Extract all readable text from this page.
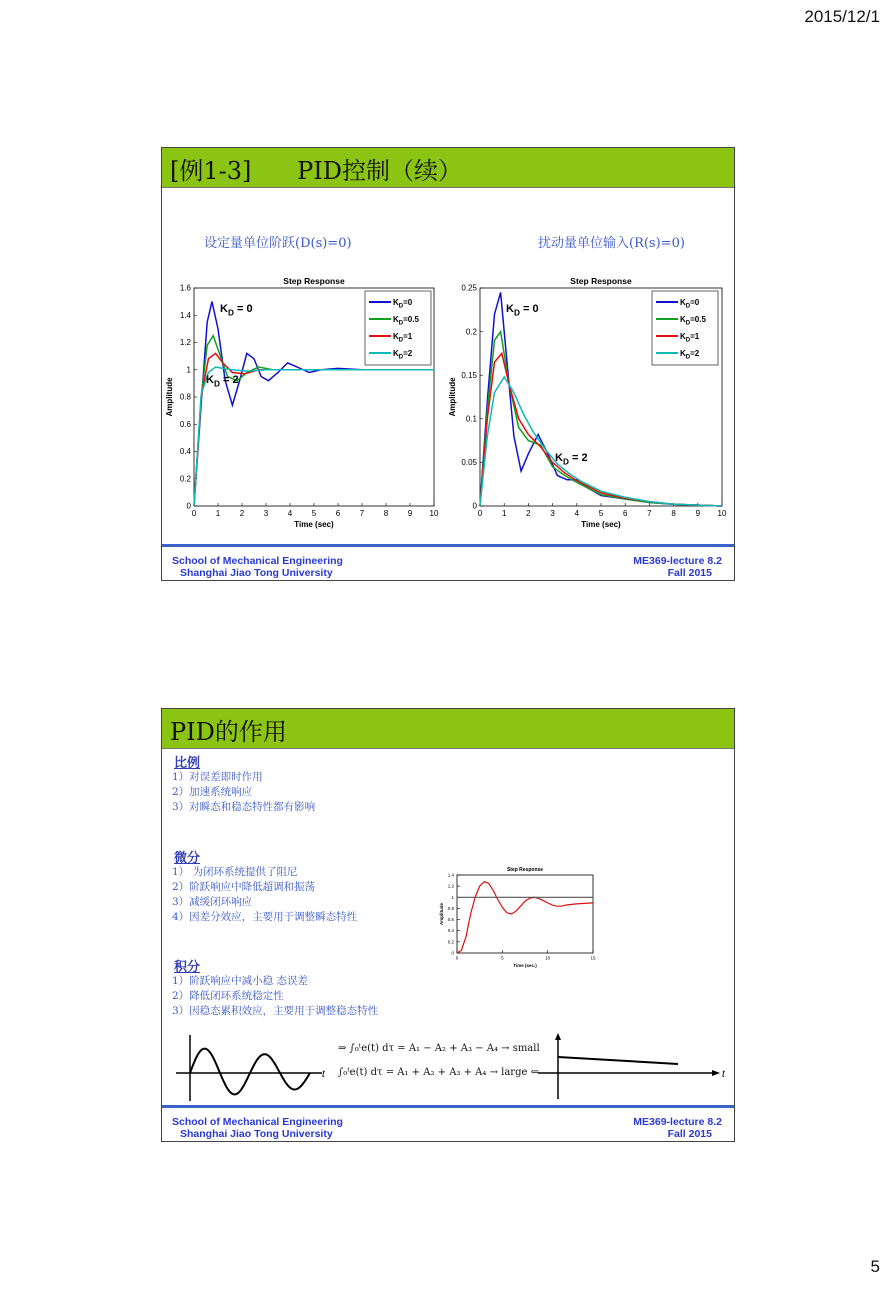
2015/12/1
[例1-3]      PID控制（续）
设定量单位阶跃(D(s)=0)	扰动量单位输入(R(s)=0)
Step Response
0 1 2 3 4 5 6 7 8 9 10
0
0.2
0.4
0.6
0.8
1
1.2
1.4
1.6
Time (sec)
Amplitude
$K_D=0$
$K_D=0.5$
$K_D=1$
$K_D=2$
$K_D = 0$
$K_D = 2$
Step Response
0 1 2 3 4 5 6 7 8 9 10
0
0.05
0.1
0.15
0.2
0.25
Time (sec)
Amplitude
$K_D=0$
$K_D=0.5$
$K_D=1$
$K_D=2$
$K_D = 0$
$K_D = 2$
School of Mechanical Engineering
Shanghai Jiao Tong University
ME369-lecture 8.2
Fall 2015
PID的作用
比例
1）对误差即时作用
2）加速系统响应
3）对瞬态和稳态特性都有影响
微分
1） 为闭环系统提供了阻尼
2）阶跃响应中降低超调和振荡
3）减缓闭环响应
4）因差分效应，主要用于调整瞬态特性
积分
1）阶跃响应中减小稳 态误差
2）降低闭环系统稳定性
3）因稳态累积效应，主要用于调整稳态特性
Step Response
0	5	10	15
0
0.2
0.4
0.6
0.8
1
1.2
1.4
Time (sec.)
Amplitude
t
⇒ ∫₀ᵗe(t) dτ = A₁ − A₂ + A₃ − A₄ → small
∫₀ᵗe(t) dτ = A₁ + A₂ + A₃ + A₄ → large ⇐	t
School of Mechanical Engineering
Shanghai Jiao Tong University
ME369-lecture 8.2
Fall 2015
5
